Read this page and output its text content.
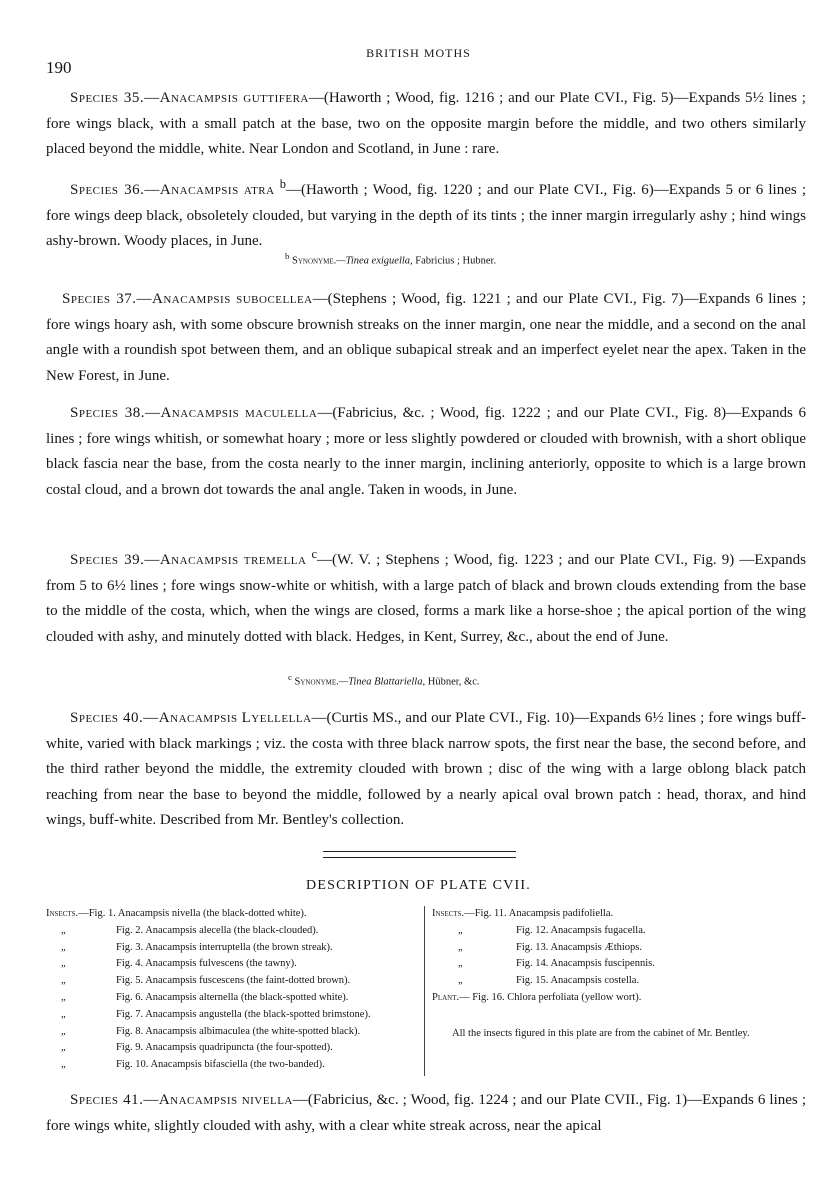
190
BRITISH MOTHS
Species 35.—Anacampsis guttifera—(Haworth ; Wood, fig. 1216 ; and our Plate CVI., Fig. 5)—Expands 5½ lines ; fore wings black, with a small patch at the base, two on the opposite margin before the middle, and two others similarly placed beyond the middle, white. Near London and Scotland, in June : rare.
Species 36.—Anacampsis atra $^b$—(Haworth ; Wood, fig. 1220 ; and our Plate CVI., Fig. 6)—Expands 5 or 6 lines ; fore wings deep black, obsoletely clouded, but varying in the depth of its tints ; the inner margin irregularly ashy ; hind wings ashy-brown. Woody places, in June.
$^b$ Synonyme.—Tinea exiguella, Fabricius ; Hubner.
Species 37.—Anacampsis subocellea—(Stephens ; Wood, fig. 1221 ; and our Plate CVI., Fig. 7)—Expands 6 lines ; fore wings hoary ash, with some obscure brownish streaks on the inner margin, one near the middle, and a second on the anal angle with a roundish spot between them, and an oblique subapical streak and an imperfect eyelet near the apex. Taken in the New Forest, in June.
Species 38.—Anacampsis maculella—(Fabricius, &c. ; Wood, fig. 1222 ; and our Plate CVI., Fig. 8)—Expands 6 lines ; fore wings whitish, or somewhat hoary ; more or less slightly powdered or clouded with brownish, with a short oblique black fascia near the base, from the costa nearly to the inner margin, inclining anteriorly, opposite to which is a large brown costal cloud, and a brown dot towards the anal angle. Taken in woods, in June.
Species 39.—Anacampsis tremella $^c$—(W. V. ; Stephens ; Wood, fig. 1223 ; and our Plate CVI., Fig. 9) —Expands from 5 to 6½ lines ; fore wings snow-white or whitish, with a large patch of black and brown clouds extending from the base to the middle of the costa, which, when the wings are closed, forms a mark like a horse-shoe ; the apical portion of the wing clouded with ashy, and minutely dotted with black. Hedges, in Kent, Surrey, &c., about the end of June.
$^c$ Synonyme.—Tinea Blattariella, Hübner, &c.
Species 40.—Anacampsis Lyellella—(Curtis MS., and our Plate CVI., Fig. 10)—Expands 6½ lines ; fore wings buff-white, varied with black markings ; viz. the costa with three black narrow spots, the first near the base, the second before, and the third rather beyond the middle, the extremity clouded with brown ; disc of the wing with a large oblong black patch reaching from near the base to beyond the middle, followed by a nearly apical oval brown patch : head, thorax, and hind wings, buff-white. Described from Mr. Bentley's collection.
DESCRIPTION OF PLATE CVII.
Insects.—Fig. 1. Anacampsis nivella (the black-dotted white).
„	Fig. 2. Anacampsis alecella (the black-clouded).
„	Fig. 3. Anacampsis interruptella (the brown streak).
„	Fig. 4. Anacampsis fulvescens (the tawny).
„	Fig. 5. Anacampsis fuscescens (the faint-dotted brown).
„	Fig. 6. Anacampsis alternella (the black-spotted white).
„	Fig. 7. Anacampsis angustella (the black-spotted brimstone).
„	Fig. 8. Anacampsis albimaculea (the white-spotted black).
„	Fig. 9. Anacampsis quadripuncta (the four-spotted).
„	Fig. 10. Anacampsis bifasciella (the two-banded).
Insects.—Fig. 11. Anacampsis padifoliella.
„	Fig. 12. Anacampsis fugacella.
„	Fig. 13. Anacampsis Æthiops.
„	Fig. 14. Anacampsis fuscipennis.
„	Fig. 15. Anacampsis costella.
Plant.— Fig. 16. Chlora perfoliata (yellow wort).
All the insects figured in this plate are from the cabinet of Mr. Bentley.
Species 41.—Anacampsis nivella—(Fabricius, &c. ; Wood, fig. 1224 ; and our Plate CVII., Fig. 1)—Expands 6 lines ; fore wings white, slightly clouded with ashy, with a clear white streak across, near the apical
